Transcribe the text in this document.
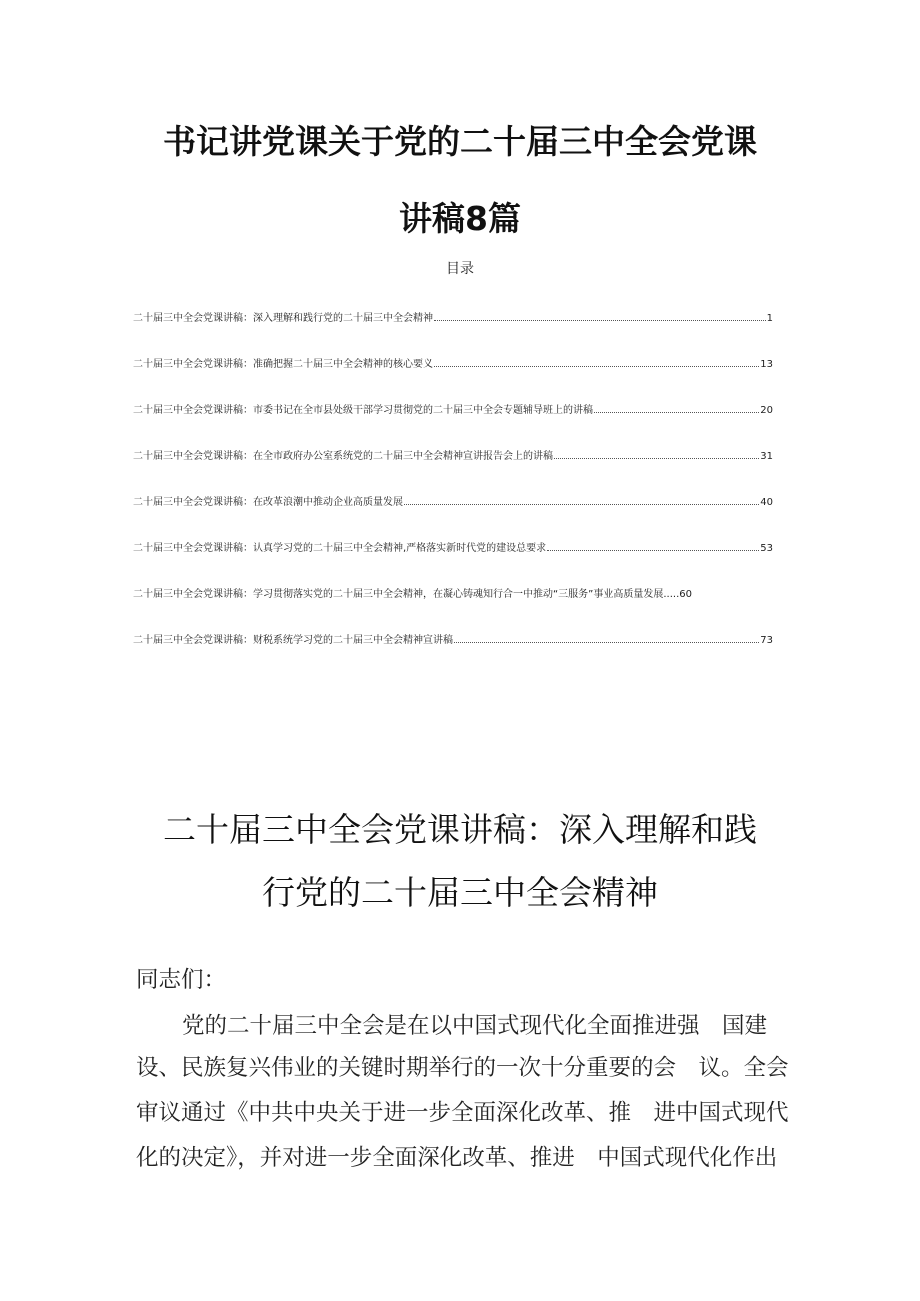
书记讲党课关于党的二十届三中全会党课
讲稿8篇
目录
二十届三中全会党课讲稿：深入理解和践行党的二十届三中全会精神	1
二十届三中全会党课讲稿：准确把握二十届三中全会精神的核心要义	13
二十届三中全会党课讲稿：市委书记在全市县处级干部学习贯彻党的二十届三中全会专题辅导班上的讲稿	20
二十届三中全会党课讲稿：在全市政府办公室系统党的二十届三中全会精神宣讲报告会上的讲稿	31
二十届三中全会党课讲稿：在改革浪潮中推动企业高质量发展	40
二十届三中全会党课讲稿：认真学习党的二十届三中全会精神,严格落实新时代党的建设总要求	53
二十届三中全会党课讲稿：学习贯彻落实党的二十届三中全会精神，在凝心铸魂知行合一中推动“三服务”事业高质量发展..... 60
二十届三中全会党课讲稿：财税系统学习党的二十届三中全会精神宣讲稿	73
二十届三中全会党课讲稿：深入理解和践
行党的二十届三中全会精神
同志们：
党的二十届三中全会是在以中国式现代化全面推进强　国建
设、民族复兴伟业的关键时期举行的一次十分重要的会　议。全会
审议通过《中共中央关于进一步全面深化改革、推　进中国式现代
化的决定》，并对进一步全面深化改革、推进　中国式现代化作出
